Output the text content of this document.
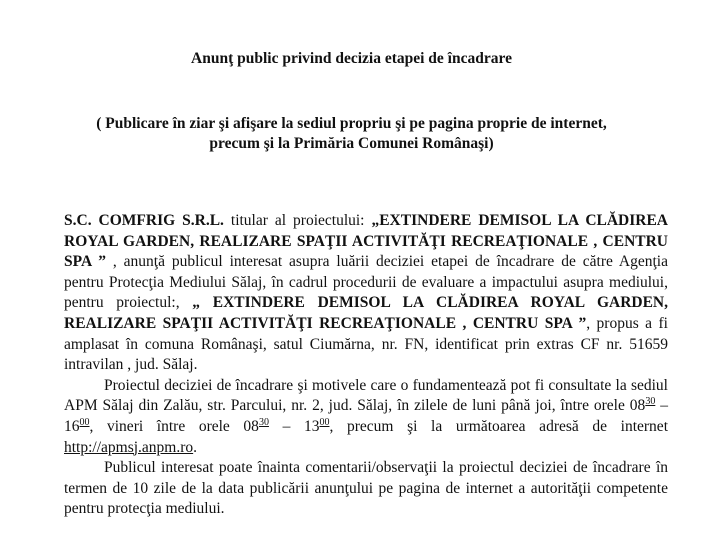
Anunţ public privind decizia etapei de încadrare
( Publicare în ziar şi afişare la sediul propriu şi pe pagina proprie de internet,
precum şi la Primăria Comunei Românaşi)

S.C. COMFRIG S.R.L. titular al proiectului: „EXTINDERE DEMISOL LA CLĂDIREA ROYAL GARDEN, REALIZARE SPAŢII ACTIVITĂŢI RECREAŢIONALE , CENTRU SPA ” , anunţă publicul interesat asupra luării deciziei etapei de încadrare de către Agenţia pentru Protecţia Mediului Sălaj, în cadrul procedurii de evaluare a impactului asupra mediului, pentru proiectul:, „ EXTINDERE DEMISOL LA CLĂDIREA ROYAL GARDEN, REALIZARE SPAŢII ACTIVITĂŢI RECREAŢIONALE , CENTRU SPA ”, propus a fi amplasat în comuna Românaşi, satul Ciumărna, nr. FN, identificat prin extras CF nr. 51659 intravilan , jud. Sălaj.

Proiectul deciziei de încadrare şi motivele care o fundamentează pot fi consultate la sediul APM Sălaj din Zalău, str. Parcului, nr. 2, jud. Sălaj, în zilele de luni până joi, între orele $08^{30} - 16^{00}$, vineri între orele $08^{30} - 13^{00}$, precum şi la următoarea adresă de internet http://apmsj.anpm.ro.

Publicul interesat poate înainta comentarii/observaţii la proiectul deciziei de încadrare în termen de 10 zile de la data publicării anunţului pe pagina de internet a autorităţii competente pentru protecţia mediului.
